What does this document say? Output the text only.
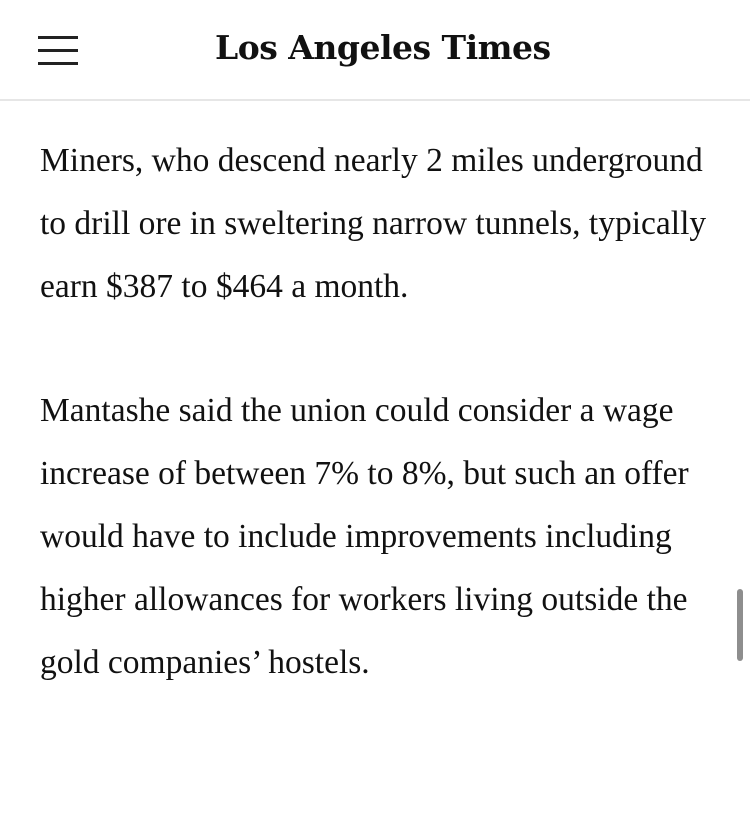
Los Angeles Times

Miners, who descend nearly 2 miles underground to drill ore in sweltering narrow tunnels, typically earn $387 to $464 a month.

Mantashe said the union could consider a wage increase of between 7% to 8%, but such an offer would have to include improvements including higher allowances for workers living outside the gold companies’ hostels.
